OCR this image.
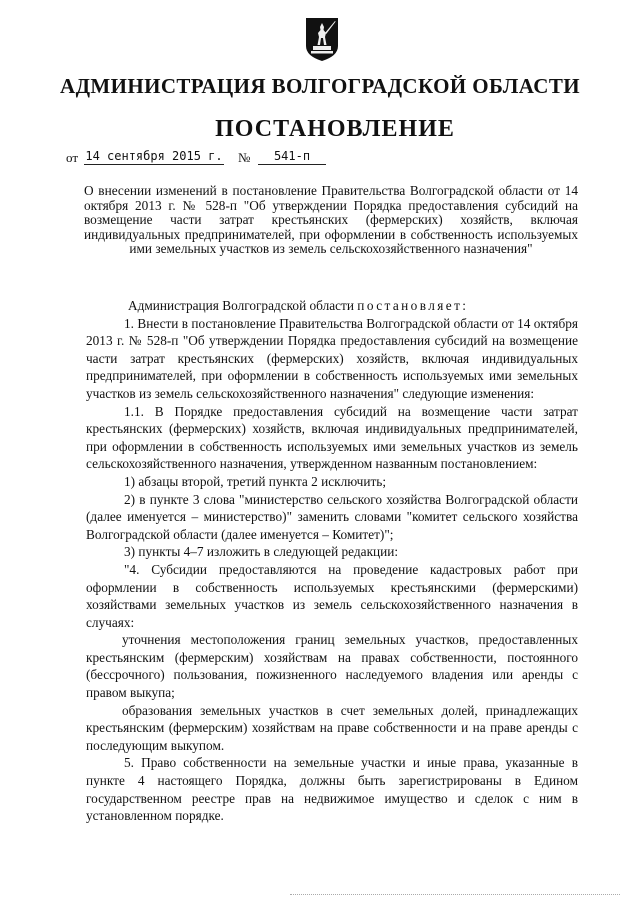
АДМИНИСТРАЦИЯ ВОЛГОГРАДСКОЙ ОБЛАСТИ
ПОСТАНОВЛЕНИЕ
от 14 сентября 2015 г. №	541-п

О внесении изменений в постановление Правительства Волгоградской области от 14 октября 2013 г. № 528-п "Об утверждении Порядка предоставления субсидий на возмещение части затрат крестьянских (фермерских) хозяйств, включая индивидуальных предпринимателей, при оформлении в собственность используемых ими земельных участков из земель сельскохозяйственного назначения"

Администрация Волгоградской области постановляет:

1. Внести в постановление Правительства Волгоградской области от 14 октября 2013 г. № 528-п "Об утверждении Порядка предоставления субсидий на возмещение части затрат крестьянских (фермерских) хозяйств, включая индивидуальных предпринимателей, при оформлении в собственность используемых ими земельных участков из земель сельскохозяйственного назначения" следующие изменения:

1.1. В Порядке предоставления субсидий на возмещение части затрат крестьянских (фермерских) хозяйств, включая индивидуальных предпринимателей, при оформлении в собственность используемых ими земельных участков из земель сельскохозяйственного назначения, утвержденном названным постановлением:

1) абзацы второй, третий пункта 2 исключить;

2) в пункте 3 слова "министерство сельского хозяйства Волгоградской области (далее именуется – министерство)" заменить словами "комитет сельского хозяйства Волгоградской области (далее именуется – Комитет)";

3) пункты 4–7 изложить в следующей редакции:

"4. Субсидии предоставляются на проведение кадастровых работ при оформлении в собственность используемых крестьянскими (фермерскими) хозяйствами земельных участков из земель сельскохозяйственного назначения в случаях:

уточнения местоположения границ земельных участков, предоставленных крестьянским (фермерским) хозяйствам на правах собственности, постоянного (бессрочного) пользования, пожизненного наследуемого владения или аренды с правом выкупа;

образования земельных участков в счет земельных долей, принадлежащих крестьянским (фермерским) хозяйствам на праве собственности и на праве аренды с последующим выкупом.

5. Право собственности на земельные участки и иные права, указанные в пункте 4 настоящего Порядка, должны быть зарегистрированы в Едином государственном реестре прав на недвижимое имущество и сделок с ним в установленном порядке.
